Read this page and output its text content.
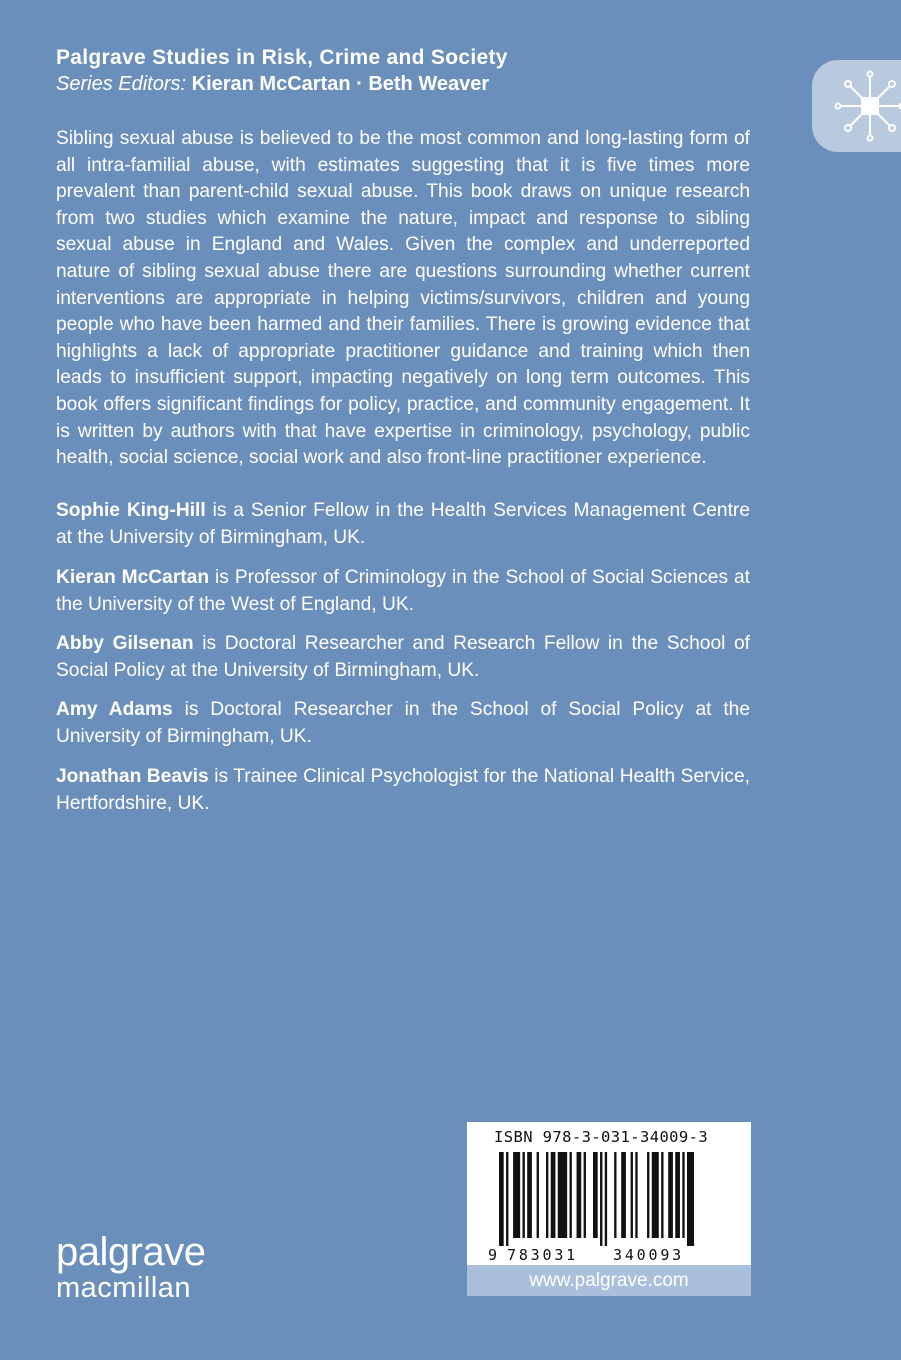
Palgrave Studies in Risk, Crime and Society
Series Editors: Kieran McCartan · Beth Weaver

Sibling sexual abuse is believed to be the most common and long-lasting form of all intra-familial abuse, with estimates suggesting that it is five times more prevalent than parent-child sexual abuse. This book draws on unique research from two studies which examine the nature, impact and response to sibling sexual abuse in England and Wales. Given the complex and underreported nature of sibling sexual abuse there are questions surrounding whether current interventions are appropriate in helping victims/survivors, children and young people who have been harmed and their families. There is growing evidence that highlights a lack of appropriate practitioner guidance and training which then leads to insufficient support, impacting negatively on long term outcomes. This book offers significant findings for policy, practice, and community engagement. It is written by authors with that have expertise in criminology, psychology, public health, social science, social work and also front-line practitioner experience.

Sophie King-Hill is a Senior Fellow in the Health Services Management Centre at the University of Birmingham, UK.

Kieran McCartan is Professor of Criminology in the School of Social Sciences at the University of the West of England, UK.

Abby Gilsenan is Doctoral Researcher and Research Fellow in the School of Social Policy at the University of Birmingham, UK.

Amy Adams is Doctoral Researcher in the School of Social Policy at the University of Birmingham, UK.

Jonathan Beavis is Trainee Clinical Psychologist for the National Health Service, Hertfordshire, UK.

palgrave
macmillan
ISBN 978-3-031-34009-3
9 783031 340093
www.palgrave.com
